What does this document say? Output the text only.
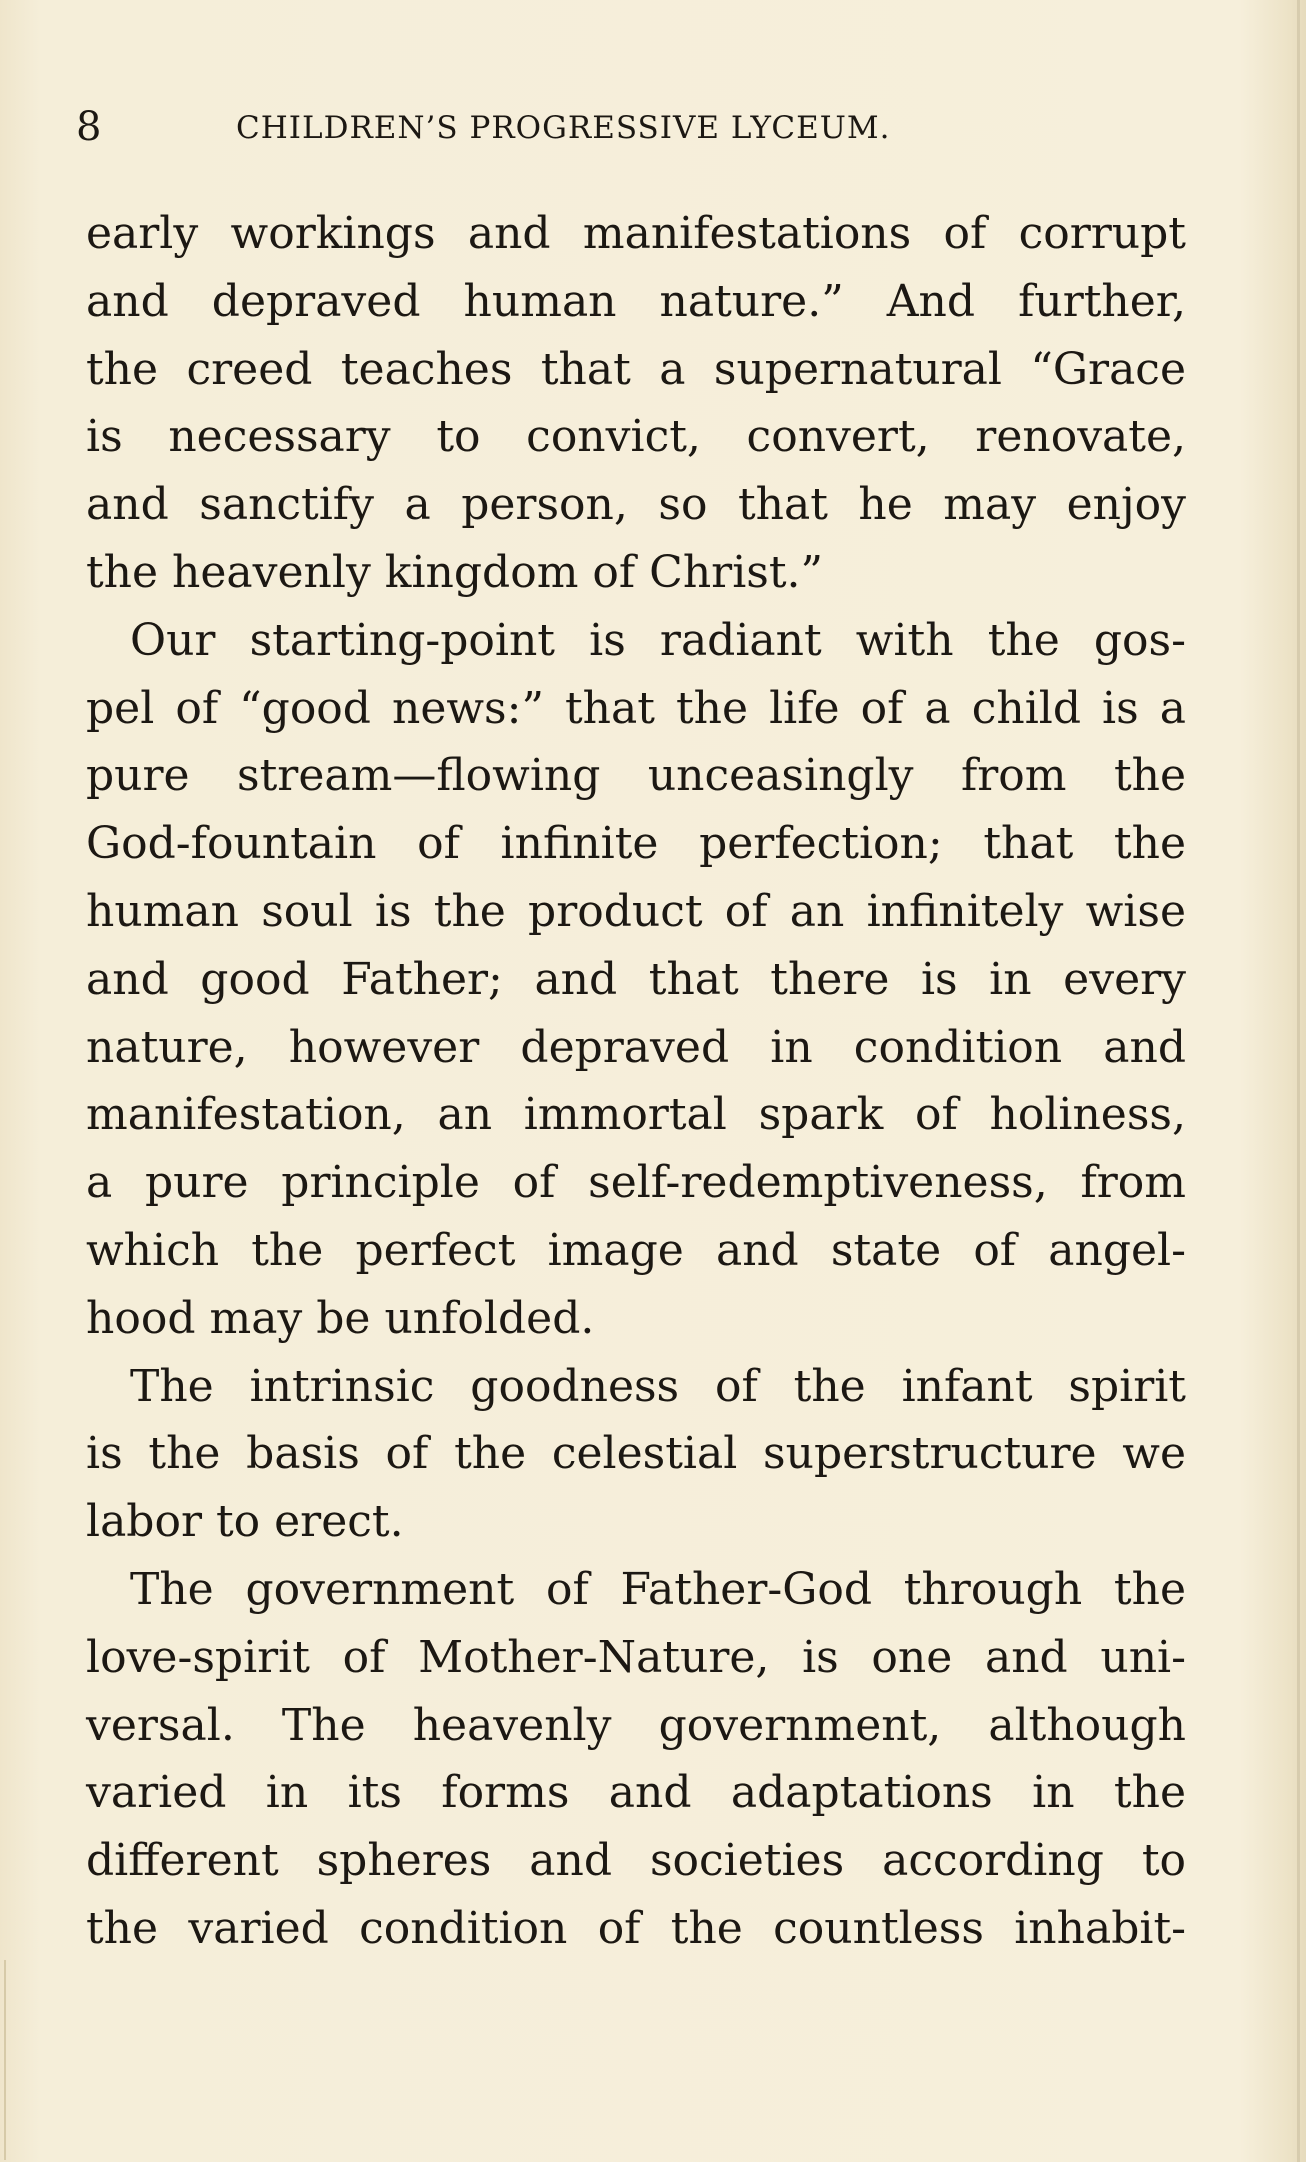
8	CHILDREN’S PROGRESSIVE LYCEUM.
early workings and manifestations of corrupt
and depraved human nature.” And further,
the creed teaches that a supernatural “Grace
is necessary to convict, convert, renovate,
and sanctify a person, so that he may enjoy
the heavenly kingdom of Christ.”
Our starting-point is radiant with the gos-
pel of “good news:” that the life of a child is a
pure stream—flowing unceasingly from the
God-fountain of infinite perfection; that the
human soul is the product of an infinitely wise
and good Father; and that there is in every
nature, however depraved in condition and
manifestation, an immortal spark of holiness,
a pure principle of self-redemptiveness, from
which the perfect image and state of angel-
hood may be unfolded.
The intrinsic goodness of the infant spirit
is the basis of the celestial superstructure we
labor to erect.
The government of Father-God through the
love-spirit of Mother-Nature, is one and uni-
versal. The heavenly government, although
varied in its forms and adaptations in the
different spheres and societies according to
the varied condition of the countless inhabit-
